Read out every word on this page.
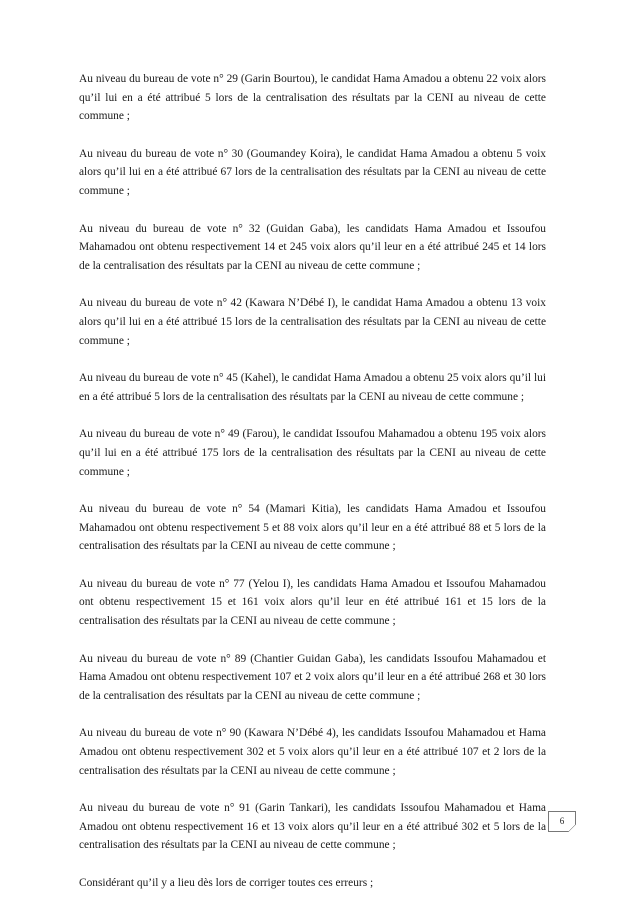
Au niveau du bureau de vote n° 29 (Garin Bourtou), le candidat Hama Amadou a obtenu 22 voix alors qu’il lui en a été attribué 5 lors de la centralisation des résultats par la CENI au niveau de cette commune ;

Au niveau du bureau de vote n° 30 (Goumandey Koira), le candidat Hama Amadou a obtenu 5 voix alors qu’il lui en a été attribué 67 lors de la centralisation des résultats par la CENI au niveau de cette commune ;

Au niveau du bureau de vote n° 32 (Guidan Gaba), les candidats Hama Amadou et Issoufou Mahamadou ont obtenu respectivement 14 et 245 voix alors qu’il leur en a été attribué 245 et 14 lors de la centralisation des résultats par la CENI au niveau de cette commune ;

Au niveau du bureau de vote n° 42 (Kawara N’Débé I), le candidat Hama Amadou a obtenu 13 voix alors qu’il lui en a été attribué 15 lors de la centralisation des résultats par la CENI au niveau de cette commune ;

Au niveau du bureau de vote n° 45 (Kahel), le candidat Hama Amadou a obtenu 25 voix alors qu’il lui en a été attribué 5 lors de la centralisation des résultats par la CENI au niveau de cette commune ;

Au niveau du bureau de vote n° 49 (Farou), le candidat Issoufou Mahamadou a obtenu 195 voix alors qu’il lui en a été attribué 175 lors de la centralisation des résultats par la CENI au niveau de cette commune ;

Au niveau du bureau de vote n° 54 (Mamari Kitia), les candidats Hama Amadou et Issoufou Mahamadou ont obtenu respectivement 5 et 88 voix alors qu’il leur en a été attribué 88 et 5 lors de la centralisation des résultats par la CENI au niveau de cette commune ;

Au niveau du bureau de vote n° 77 (Yelou I), les candidats Hama Amadou et Issoufou Mahamadou ont obtenu respectivement 15 et 161 voix alors qu’il leur en été attribué 161 et 15 lors de la centralisation des résultats par la CENI au niveau de cette commune ;

Au niveau du bureau de vote n° 89 (Chantier Guidan Gaba), les candidats Issoufou Mahamadou et Hama Amadou ont obtenu respectivement 107 et 2 voix alors qu’il leur en a été attribué 268 et 30 lors de la centralisation des résultats par la CENI au niveau de cette commune ;

Au niveau du bureau de vote n° 90 (Kawara N’Débé 4), les candidats Issoufou Mahamadou et Hama Amadou ont obtenu respectivement 302 et 5 voix alors qu’il leur en a été attribué 107 et 2 lors de la centralisation des résultats par la CENI au niveau de cette commune ;

Au niveau du bureau de vote n° 91 (Garin Tankari), les candidats Issoufou Mahamadou et Hama Amadou ont obtenu respectivement 16 et 13 voix alors qu’il leur en a été attribué 302 et 5 lors de la centralisation des résultats par la CENI au niveau de cette commune ;

Considérant qu’il y a lieu dès lors de corriger toutes ces erreurs ;

6
